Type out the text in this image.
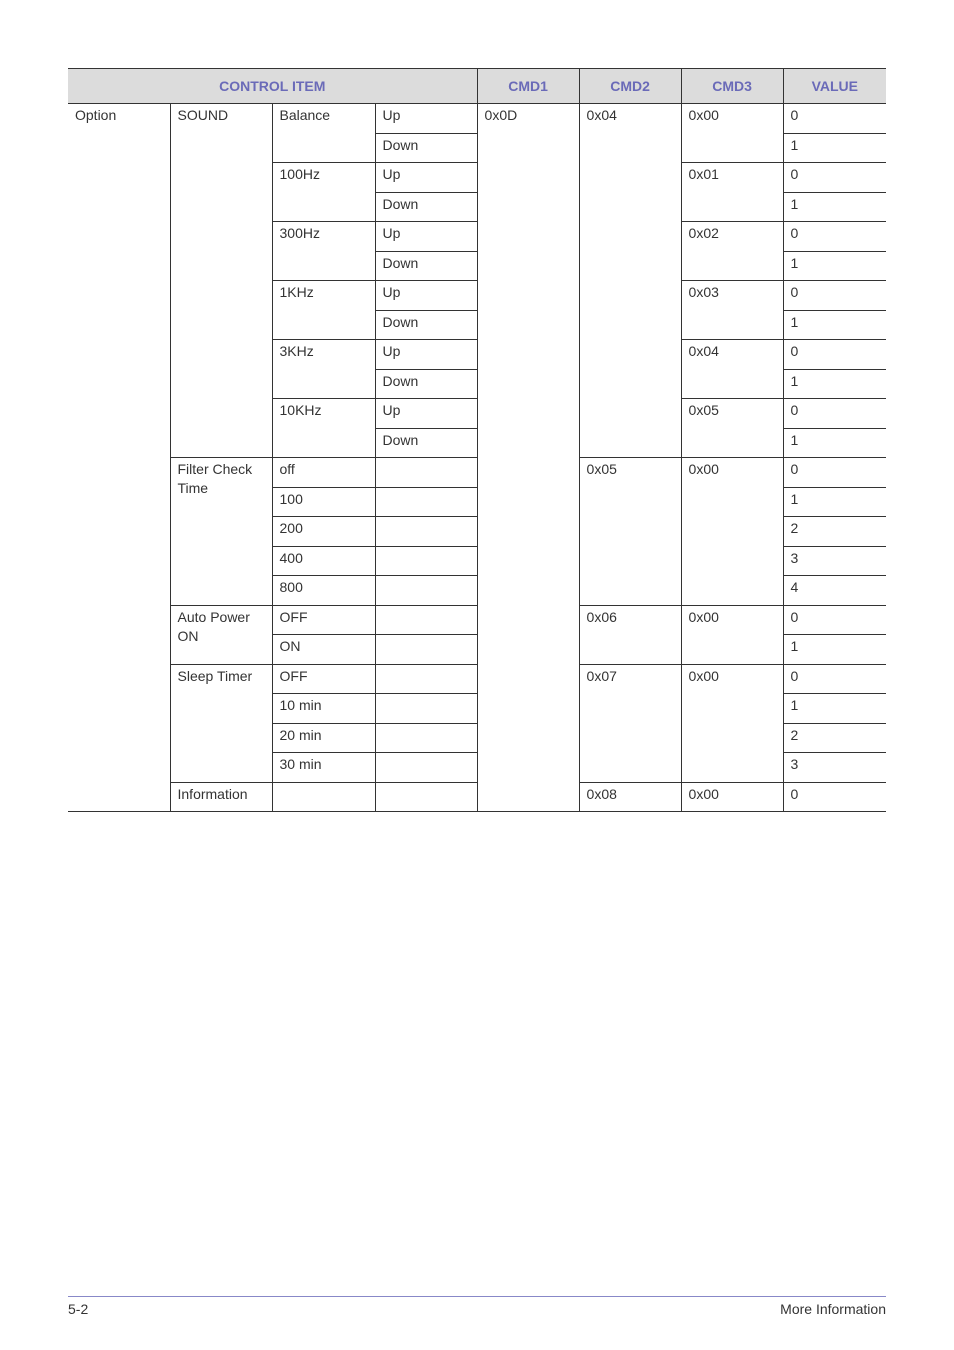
CONTROL ITEM				CMD1	CMD2	CMD3	VALUE
Option	SOUND	Balance	Up	0x0D	0x04	0x00	0
			Down				1
		100Hz	Up			0x01	0
			Down				1
		300Hz	Up			0x02	0
			Down				1
		1KHz	Up			0x03	0
			Down				1
		3KHz	Up			0x04	0
			Down				1
		10KHz	Up			0x05	0
			Down				1
	Filter Check Time	off			0x05	0x00	0
		100					1
		200					2
		400					3
		800					4
	Auto Power ON	OFF			0x06	0x00	0
		ON					1
	Sleep Timer	OFF			0x07	0x00	0
		10 min					1
		20 min					2
		30 min					3
	Information				0x08	0x00	0
5-2	More Information
